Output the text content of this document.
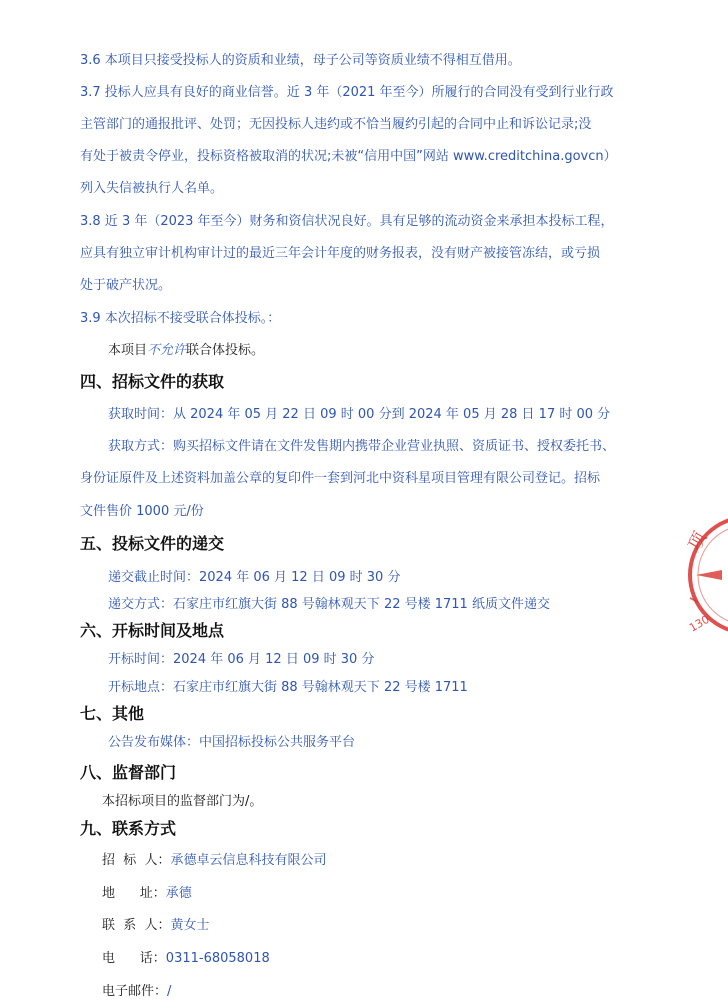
3.6 本项目只接受投标人的资质和业绩，母子公司等资质业绩不得相互借用。
3.7 投标人应具有良好的商业信誉。近 3 年（2021 年至今）所履行的合同没有受到行业行政
主管部门的通报批评、处罚；无因投标人违约或不恰当履约引起的合同中止和诉讼记录;没
有处于被责令停业，投标资格被取消的状况;未被“信用中国”网站 www.creditchina.govcn）
列入失信被执行人名单。
3.8 近 3 年（2023 年至今）财务和资信状况良好。具有足够的流动资金来承担本投标工程，
应具有独立审计机构审计过的最近三年会计年度的财务报表，没有财产被接管冻结，或亏损
处于破产状况。
3.9 本次招标不接受联合体投标。：
本项目不允许联合体投标。
四、招标文件的获取
获取时间：从 2024 年 05 月 22 日 09 时 00 分到 2024 年 05 月 28 日 17 时 00 分
获取方式：购买招标文件请在文件发售期内携带企业营业执照、资质证书、授权委托书、
身份证原件及上述资料加盖公章的复印件一套到河北中资科星项目管理有限公司登记。招标
文件售价 1000 元/份
五、投标文件的递交
递交截止时间：2024 年 06 月 12 日 09 时 30 分
递交方式：石家庄市红旗大街 88 号翰林观天下 22 号楼 1711 纸质文件递交
六、开标时间及地点
开标时间：2024 年 06 月 12 日 09 时 30 分
开标地点：石家庄市红旗大街 88 号翰林观天下 22 号楼 1711
七、其他
公告发布媒体：中国招标投标公共服务平台
八、监督部门
本招标项目的监督部门为/。
九、联系方式
招  标  人：承德卓云信息科技有限公司
地      址：承德
联  系  人：黄女士
电      话：0311-68058018
电子邮件：/
项
130
